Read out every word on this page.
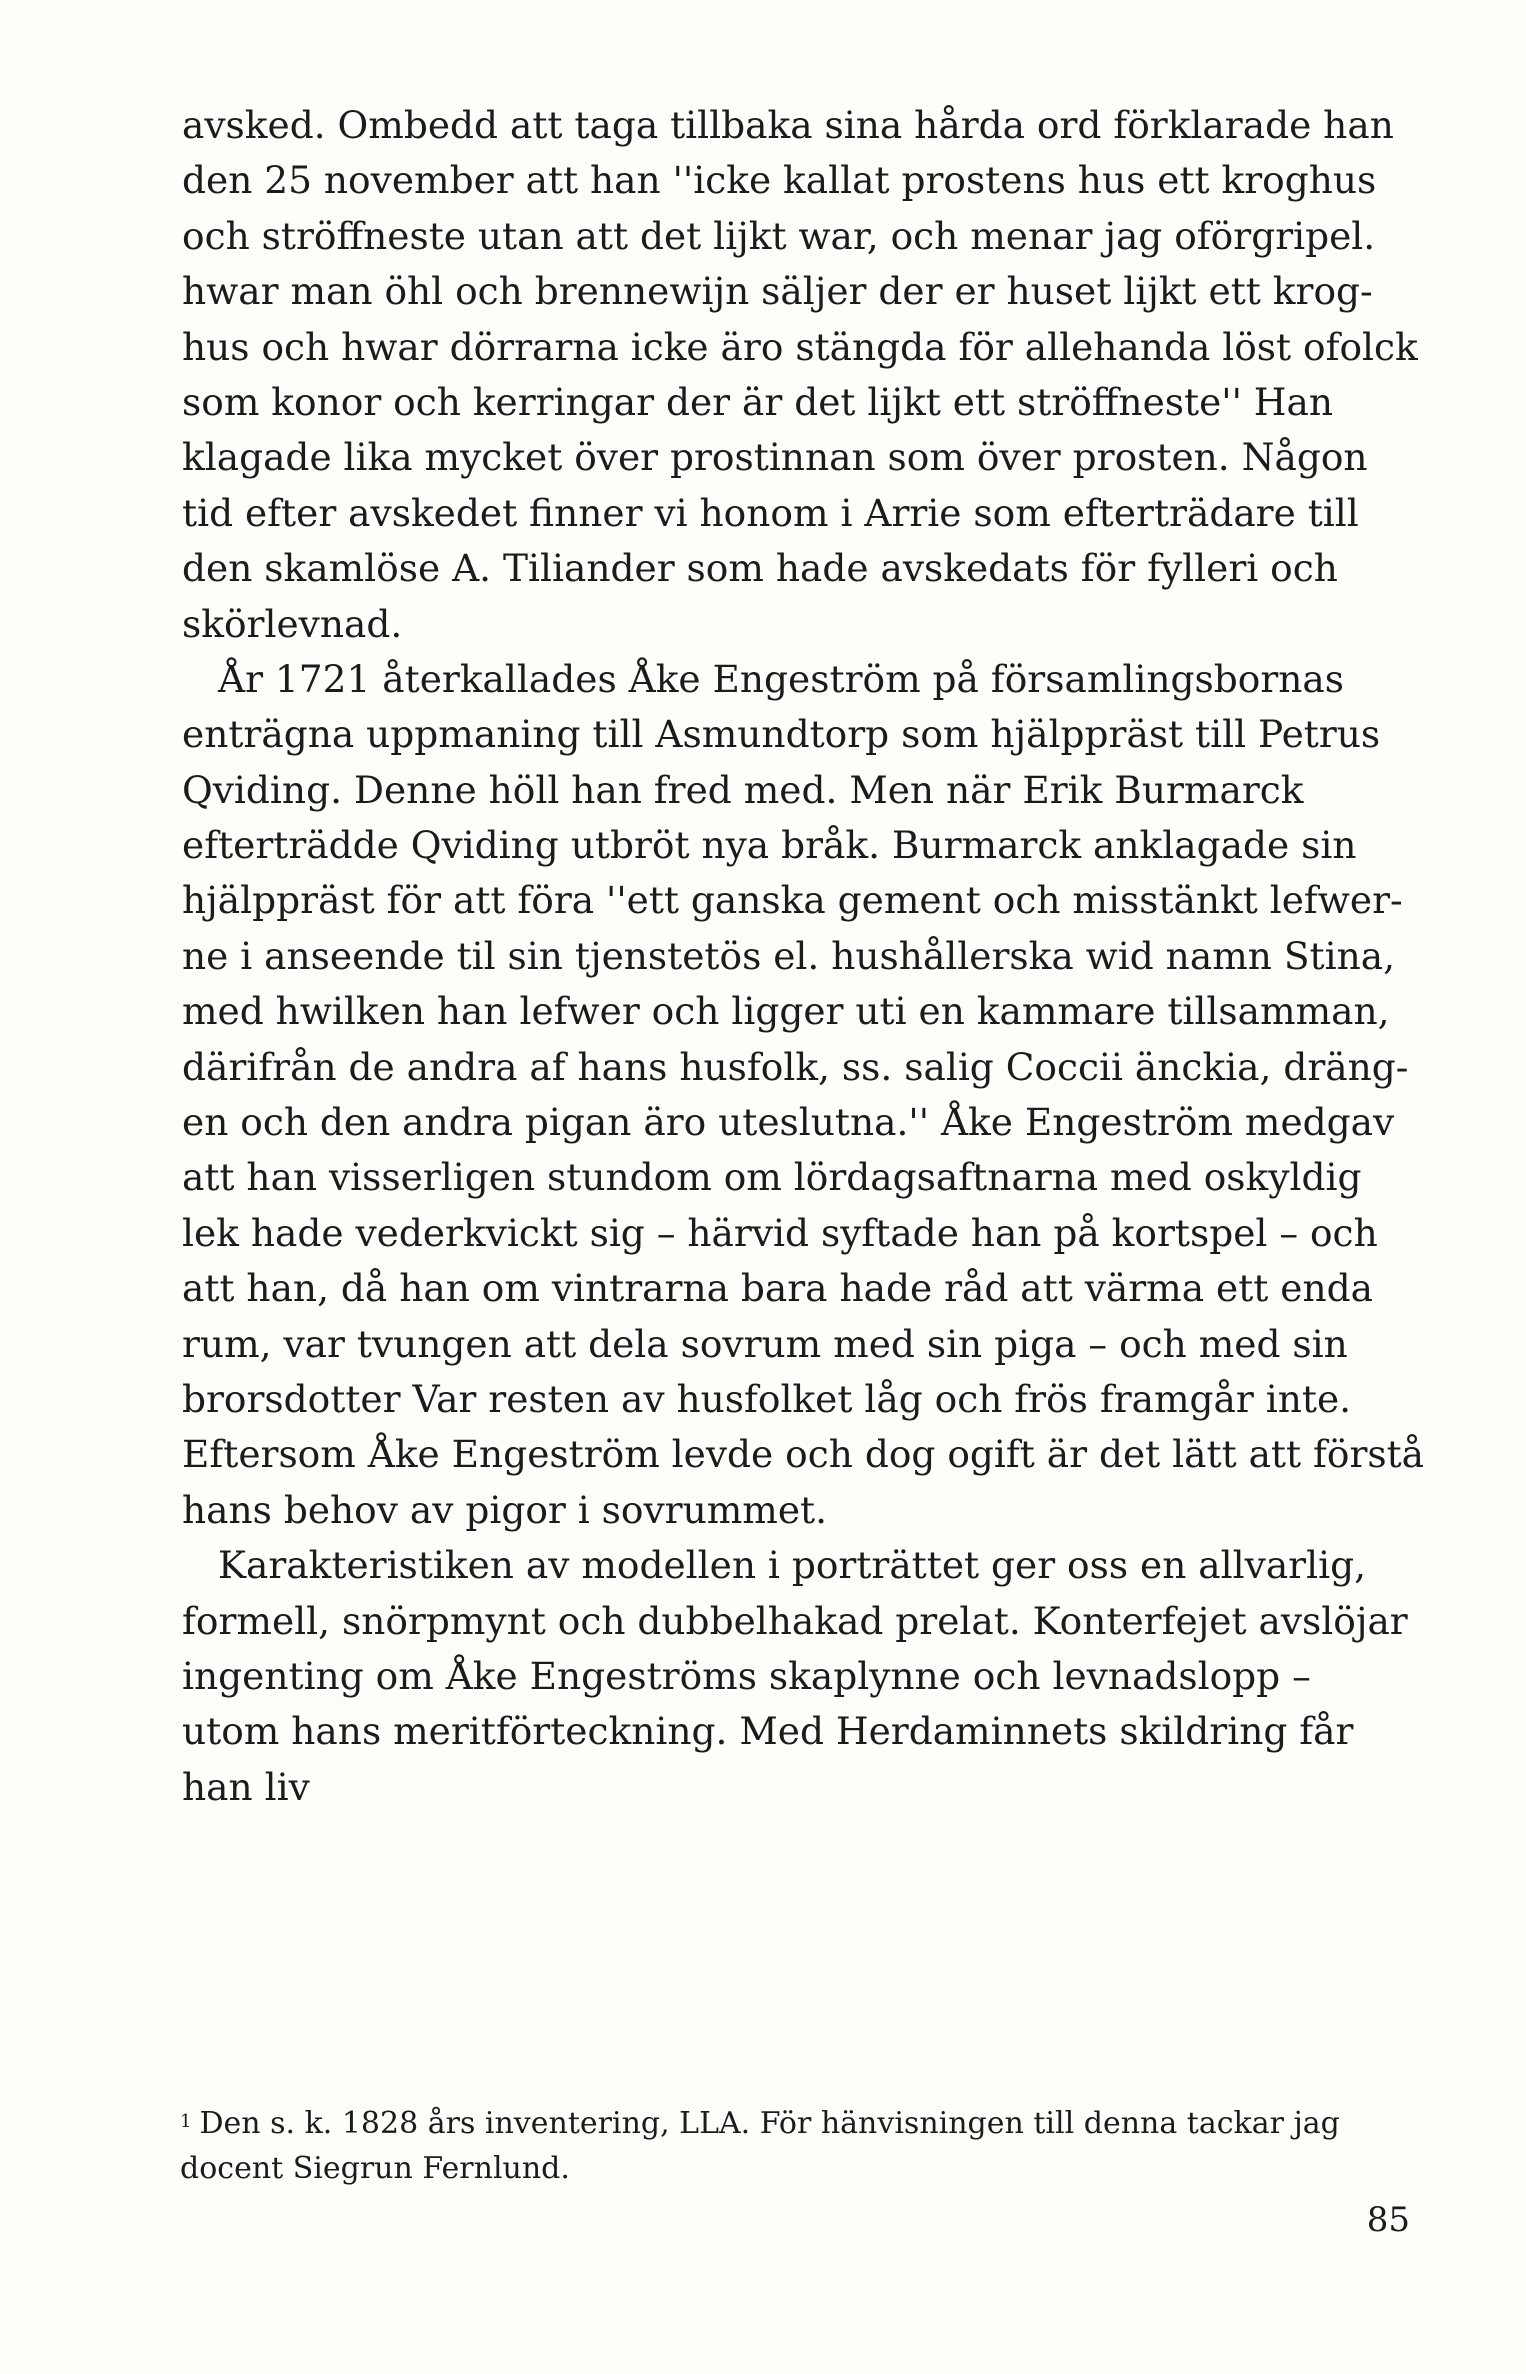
avsked. Ombedd att taga tillbaka sina hårda ord förklarade han
den 25 november att han ''icke kallat prostens hus ett kroghus
och ströffneste utan att det lijkt war, och menar jag oförgripel.
hwar man öhl och brennewijn säljer der er huset lijkt ett krog-
hus och hwar dörrarna icke äro stängda för allehanda löst ofolck
som konor och kerringar der är det lijkt ett ströffneste'' Han
klagade lika mycket över prostinnan som över prosten. Någon
tid efter avskedet finner vi honom i Arrie som efterträdare till
den skamlöse A. Tiliander som hade avskedats för fylleri och
skörlevnad.
År 1721 återkallades Åke Engeström på församlingsbornas
enträgna uppmaning till Asmundtorp som hjälppräst till Petrus
Qviding. Denne höll han fred med. Men när Erik Burmarck
efterträdde Qviding utbröt nya bråk. Burmarck anklagade sin
hjälppräst för att föra ''ett ganska gement och misstänkt lefwer-
ne i anseende til sin tjenstetös el. hushållerska wid namn Stina,
med hwilken han lefwer och ligger uti en kammare tillsamman,
därifrån de andra af hans husfolk, ss. salig Coccii änckia, dräng-
en och den andra pigan äro uteslutna.'' Åke Engeström medgav
att han visserligen stundom om lördagsaftnarna med oskyldig
lek hade vederkvickt sig – härvid syftade han på kortspel – och
att han, då han om vintrarna bara hade råd att värma ett enda
rum, var tvungen att dela sovrum med sin piga – och med sin
brorsdotter Var resten av husfolket låg och frös framgår inte.
Eftersom Åke Engeström levde och dog ogift är det lätt att förstå
hans behov av pigor i sovrummet.
Karakteristiken av modellen i porträttet ger oss en allvarlig,
formell, snörpmynt och dubbelhakad prelat. Konterfejet avslöjar
ingenting om Åke Engeströms skaplynne och levnadslopp –
utom hans meritförteckning. Med Herdaminnets skildring får
han liv
$^1$ Den s. k. 1828 års inventering, LLA. För hänvisningen till denna tackar jag
docent Siegrun Fernlund.
85
